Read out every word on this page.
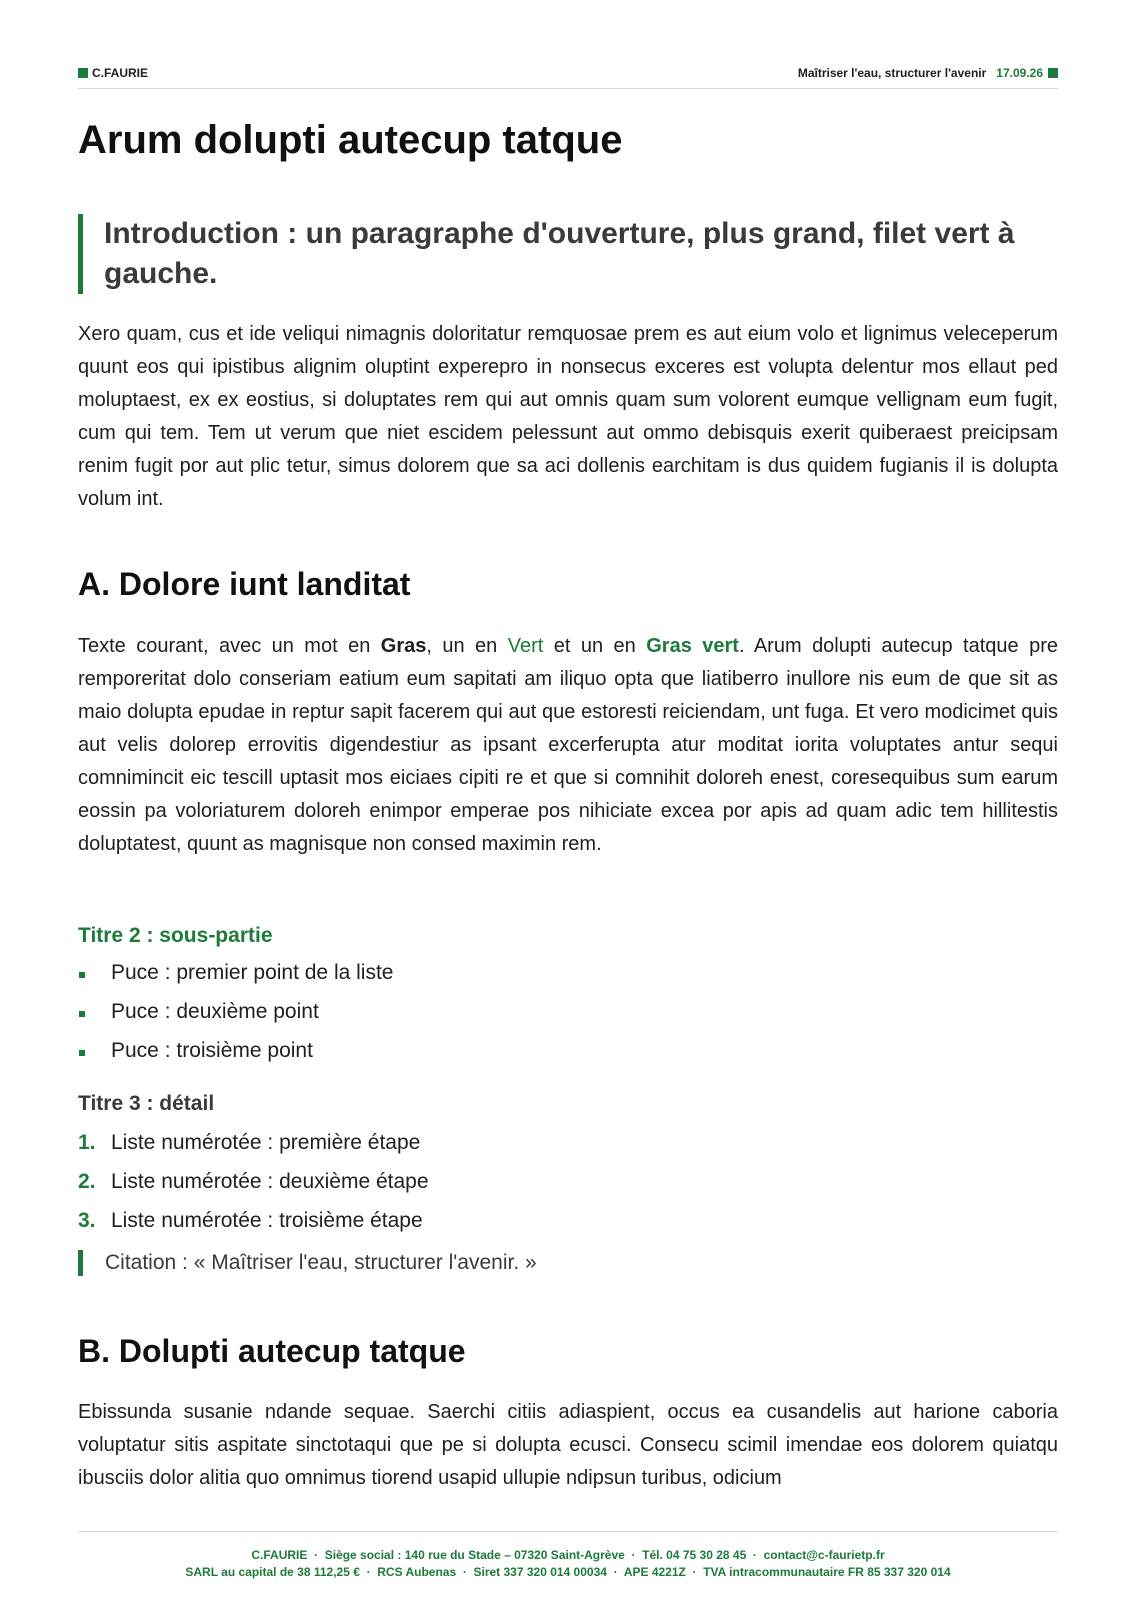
C.FAURIE	Maîtriser l'eau, structurer l'avenir 17.09.26
Arum dolupti autecup tatque
Introduction : un paragraphe d'ouverture, plus grand, filet vert à gauche.

Xero quam, cus et ide veliqui nimagnis doloritatur remquosae prem es aut eium volo et lignimus veleceperum quunt eos qui ipistibus alignim oluptint experepro in nonsecus exceres est volupta delentur mos ellaut ped moluptaest, ex ex eostius, si doluptates rem qui aut omnis quam sum volorent eumque vellignam eum fugit, cum qui tem. Tem ut verum que niet escidem pelessunt aut ommo debisquis exerit quiberaest preicipsam renim fugit por aut plic tetur, simus dolorem que sa aci dollenis earchitam is dus quidem fugianis il is dolupta volum int.

A. Dolore iunt landitat

Texte courant, avec un mot en Gras, un en Vert et un en Gras vert. Arum dolupti autecup tatque pre remporeritat dolo conseriam eatium eum sapitati am iliquo opta que liatiberro inullore nis eum de que sit as maio dolupta epudae in reptur sapit facerem qui aut que estoresti reiciendam, unt fuga. Et vero modicimet quis aut velis dolorep errovitis digendestiur as ipsant excerferupta atur moditat iorita voluptates antur sequi comnimincit eic tescill uptasit mos eiciaes cipiti re et que si comnihit doloreh enest, coresequibus sum earum eossin pa voloriaturem doloreh enimpor emperae pos nihiciate excea por apis ad quam adic tem hillitestis doluptatest, quunt as magnisque non consed maximin rem.

Titre 2 : sous-partie
Puce : premier point de la liste
Puce : deuxième point
Puce : troisième point
Titre 3 : détail
1. Liste numérotée : première étape
2. Liste numérotée : deuxième étape
3. Liste numérotée : troisième étape
Citation : « Maîtriser l'eau, structurer l'avenir. »
B. Dolupti autecup tatque

Ebissunda susanie ndande sequae. Saerchi citiis adiaspient, occus ea cusandelis aut harione caboria voluptatur sitis aspitate sinctotaqui que pe si dolupta ecusci. Consecu scimil imendae eos dolorem quiatqu ibusciis dolor alitia quo omnimus tiorend usapid ullupie ndipsun turibus, odicium

C.FAURIE  ·  Siège social : 140 rue du Stade – 07320 Saint-Agrève  ·  Tél. 04 75 30 28 45  ·  contact@c-faurietp.fr
SARL au capital de 38 112,25 €  ·  RCS Aubenas  ·  Siret 337 320 014 00034  ·  APE 4221Z  ·  TVA intracommunautaire FR 85 337 320 014
